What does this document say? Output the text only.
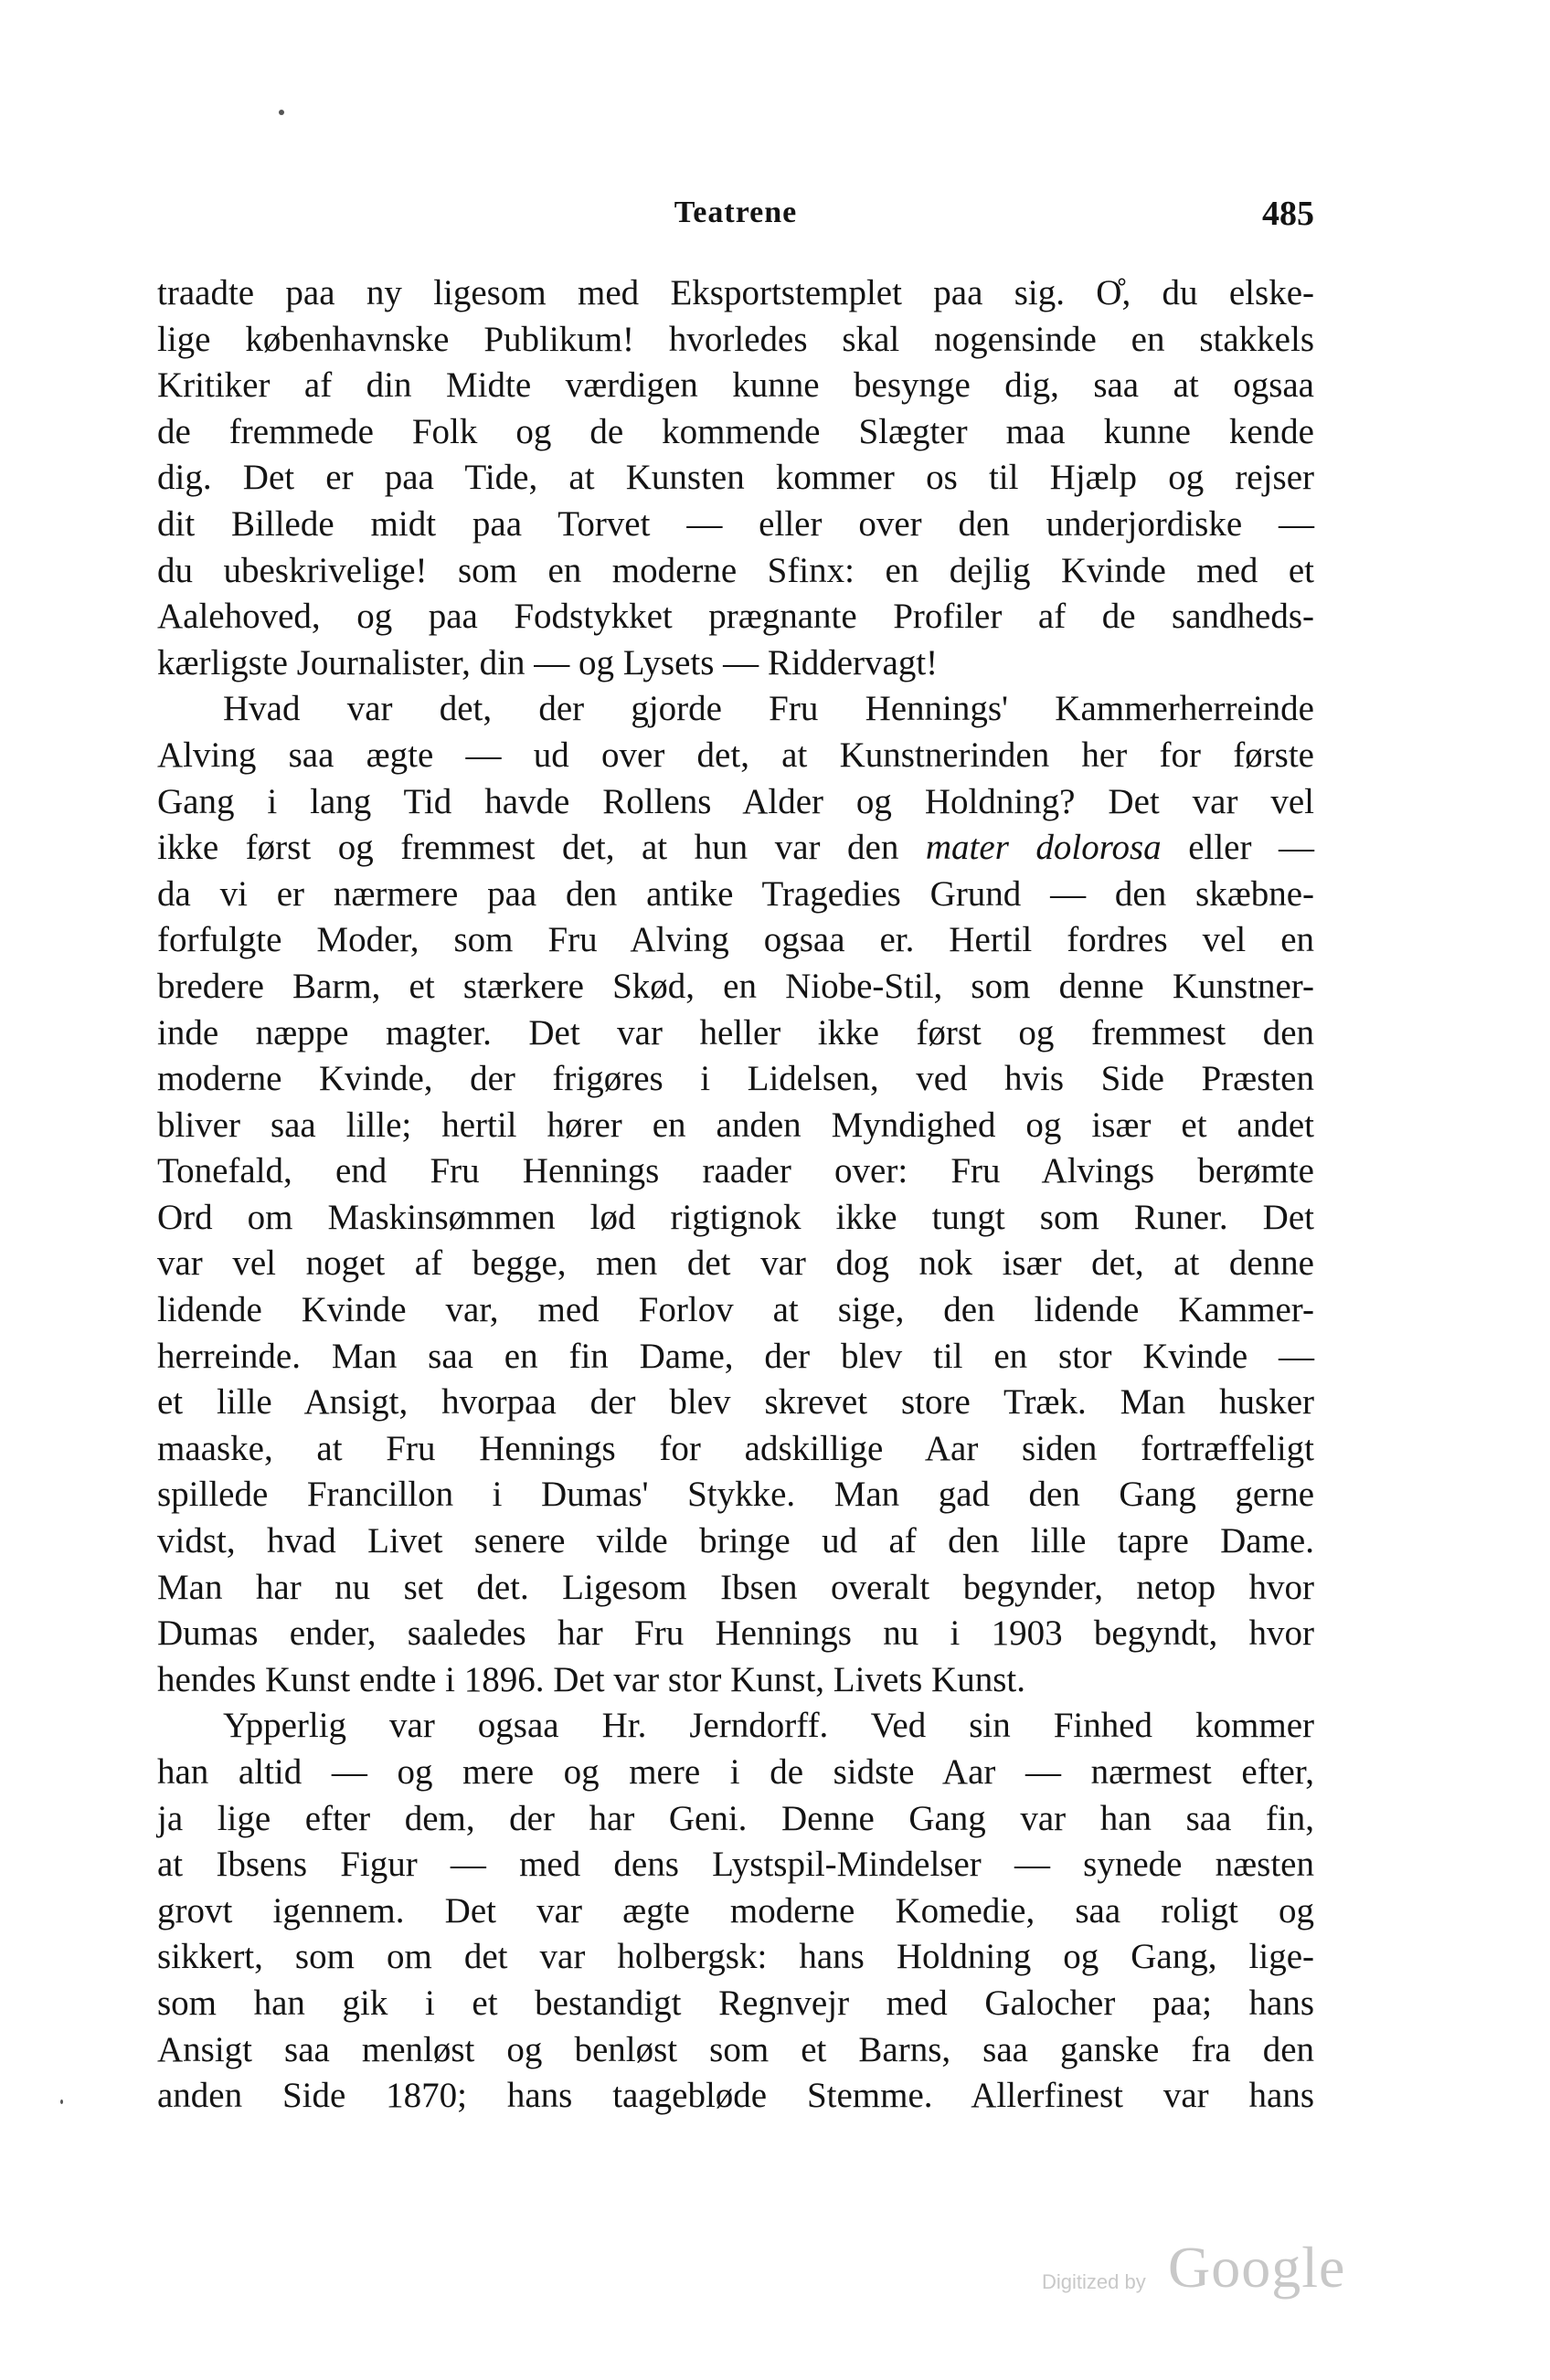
Teatrene	485
traadte paa ny ligesom med Eksportstemplet paa sig. O̊, du elske-
lige københavnske Publikum! hvorledes skal nogensinde en stakkels
Kritiker af din Midte værdigen kunne besynge dig, saa at ogsaa
de fremmede Folk og de kommende Slægter maa kunne kende
dig. Det er paa Tide, at Kunsten kommer os til Hjælp og rejser
dit Billede midt paa Torvet — eller over den underjordiske —
du ubeskrivelige! som en moderne Sfinx: en dejlig Kvinde med et
Aalehoved, og paa Fodstykket prægnante Profiler af de sandheds-
kærligste Journalister, din — og Lysets — Riddervagt!
Hvad var det, der gjorde Fru Hennings' Kammerherreinde
Alving saa ægte — ud over det, at Kunstnerinden her for første
Gang i lang Tid havde Rollens Alder og Holdning? Det var vel
ikke først og fremmest det, at hun var den mater dolorosa eller —
da vi er nærmere paa den antike Tragedies Grund — den skæbne-
forfulgte Moder, som Fru Alving ogsaa er. Hertil fordres vel en
bredere Barm, et stærkere Skød, en Niobe-Stil, som denne Kunstner-
inde næppe magter. Det var heller ikke først og fremmest den
moderne Kvinde, der frigøres i Lidelsen, ved hvis Side Præsten
bliver saa lille; hertil hører en anden Myndighed og især et andet
Tonefald, end Fru Hennings raader over: Fru Alvings berømte
Ord om Maskinsømmen lød rigtignok ikke tungt som Runer. Det
var vel noget af begge, men det var dog nok især det, at denne
lidende Kvinde var, med Forlov at sige, den lidende Kammer-
herreinde. Man saa en fin Dame, der blev til en stor Kvinde —
et lille Ansigt, hvorpaa der blev skrevet store Træk. Man husker
maaske, at Fru Hennings for adskillige Aar siden fortræffeligt
spillede Francillon i Dumas' Stykke. Man gad den Gang gerne
vidst, hvad Livet senere vilde bringe ud af den lille tapre Dame.
Man har nu set det. Ligesom Ibsen overalt begynder, netop hvor
Dumas ender, saaledes har Fru Hennings nu i 1903 begyndt, hvor
hendes Kunst endte i 1896. Det var stor Kunst, Livets Kunst.
Ypperlig var ogsaa Hr. Jerndorff. Ved sin Finhed kommer
han altid — og mere og mere i de sidste Aar — nærmest efter,
ja lige efter dem, der har Geni. Denne Gang var han saa fin,
at Ibsens Figur — med dens Lystspil-Mindelser — synede næsten
grovt igennem. Det var ægte moderne Komedie, saa roligt og
sikkert, som om det var holbergsk: hans Holdning og Gang, lige-
som han gik i et bestandigt Regnvejr med Galocher paa; hans
Ansigt saa menløst og benløst som et Barns, saa ganske fra den
anden Side 1870; hans taagebløde Stemme. Allerfinest var hans
Digitized by Google
